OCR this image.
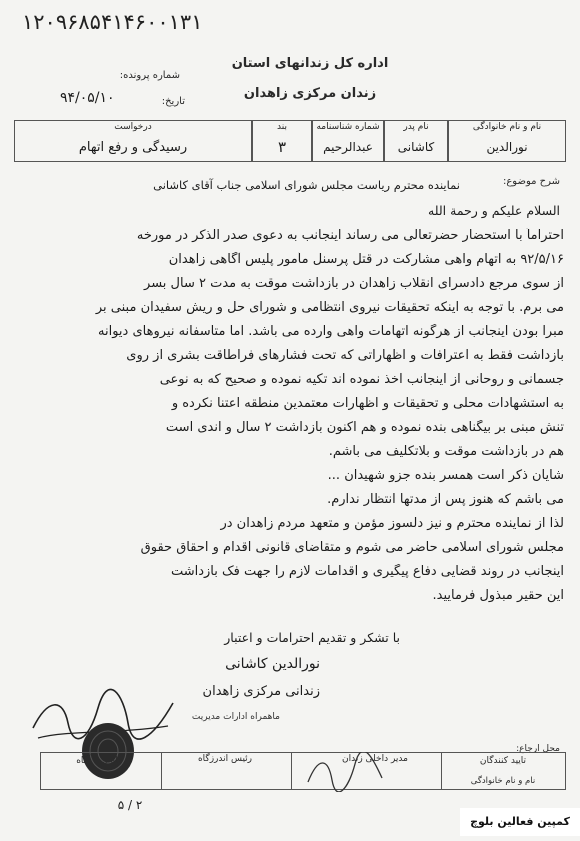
۱۲۰۹۶۸۵۴۱۴۶۰۰۱۳۱
اداره کل زندانهای استان
زندان مرکزی زاهدان
شماره پرونده:
تاریخ:
۹۴/۰۵/۱۰
نام و نام خانوادگی
نورالدین
نام پدر
کاشانی
شماره شناسنامه
عبدالرحیم
بند
۳
درخواست
رسیدگی و رفع اتهام
شرح موضوع:
نماینده محترم ریاست مجلس شورای اسلامی جناب آقای کاشانی
السلام علیکم و رحمة الله
احتراماً با استحضار حضرتعالی می رساند اینجانب به دعوی صدر الذکر در مورخه
۹۲/۵/۱۶ به اتهام واهی مشارکت در قتل پرسنل مأمور پلیس آگاهی زاهدان
از سوی مرجع دادسرای انقلاب زاهدان در بازداشت موقت به مدت ۲ سال بسر
می برم. با توجه به اینکه تحقیقات نیروی انتظامی و شورای حل و ریش سفیدان مبنی بر
مبرا بودن اینجانب از هرگونه اتهامات واهی وارده می باشد. اما متاسفانه نیروهای دیوانه
بازداشت فقط به اعترافات و اظهاراتی که تحت فشارهای فراطاقت بشری از روی
جسمانی و روحانی از اینجانب اخذ نموده اند تکیه نموده و صحیح که به نوعی
به استشهادات محلی و تحقیقات و اظهارات معتمدین منطقه اعتنا نکرده و
تنش مبنی بر بیگناهی بنده نموده و هم اکنون بازداشت ۲ سال و اندی است
هم در بازداشت موقت و بلاتکلیف می باشم.
شایان ذکر است همسر بنده جزو شهیدان ...
می باشم که هنوز پس از مدتها انتظار ندارم.
لذا از نماینده محترم و نیز دلسوز مؤمن و متعهد مردم زاهدان در
مجلس شورای اسلامی حاضر می شوم و متقاضای قانونی اقدام و احقاق حقوق
اینجانب در روند قضایی دفاع پیگیری و اقدامات لازم را جهت فک بازداشت
این حقیر مبذول فرمایید.
با تشکر و تقدیم احترامات و اعتبار
نورالدین کاشانی
زندانی مرکزی زاهدان
ماهمراه ادارات مدیریت
محل ارجاع:
رئیس اندرزگاه	مدیر داخلی زندان
ماه ..... آگاه	تایید کنندگان
نام و نام خانوادگی
۵ / ۲
کمپین فعالین بلوچ
